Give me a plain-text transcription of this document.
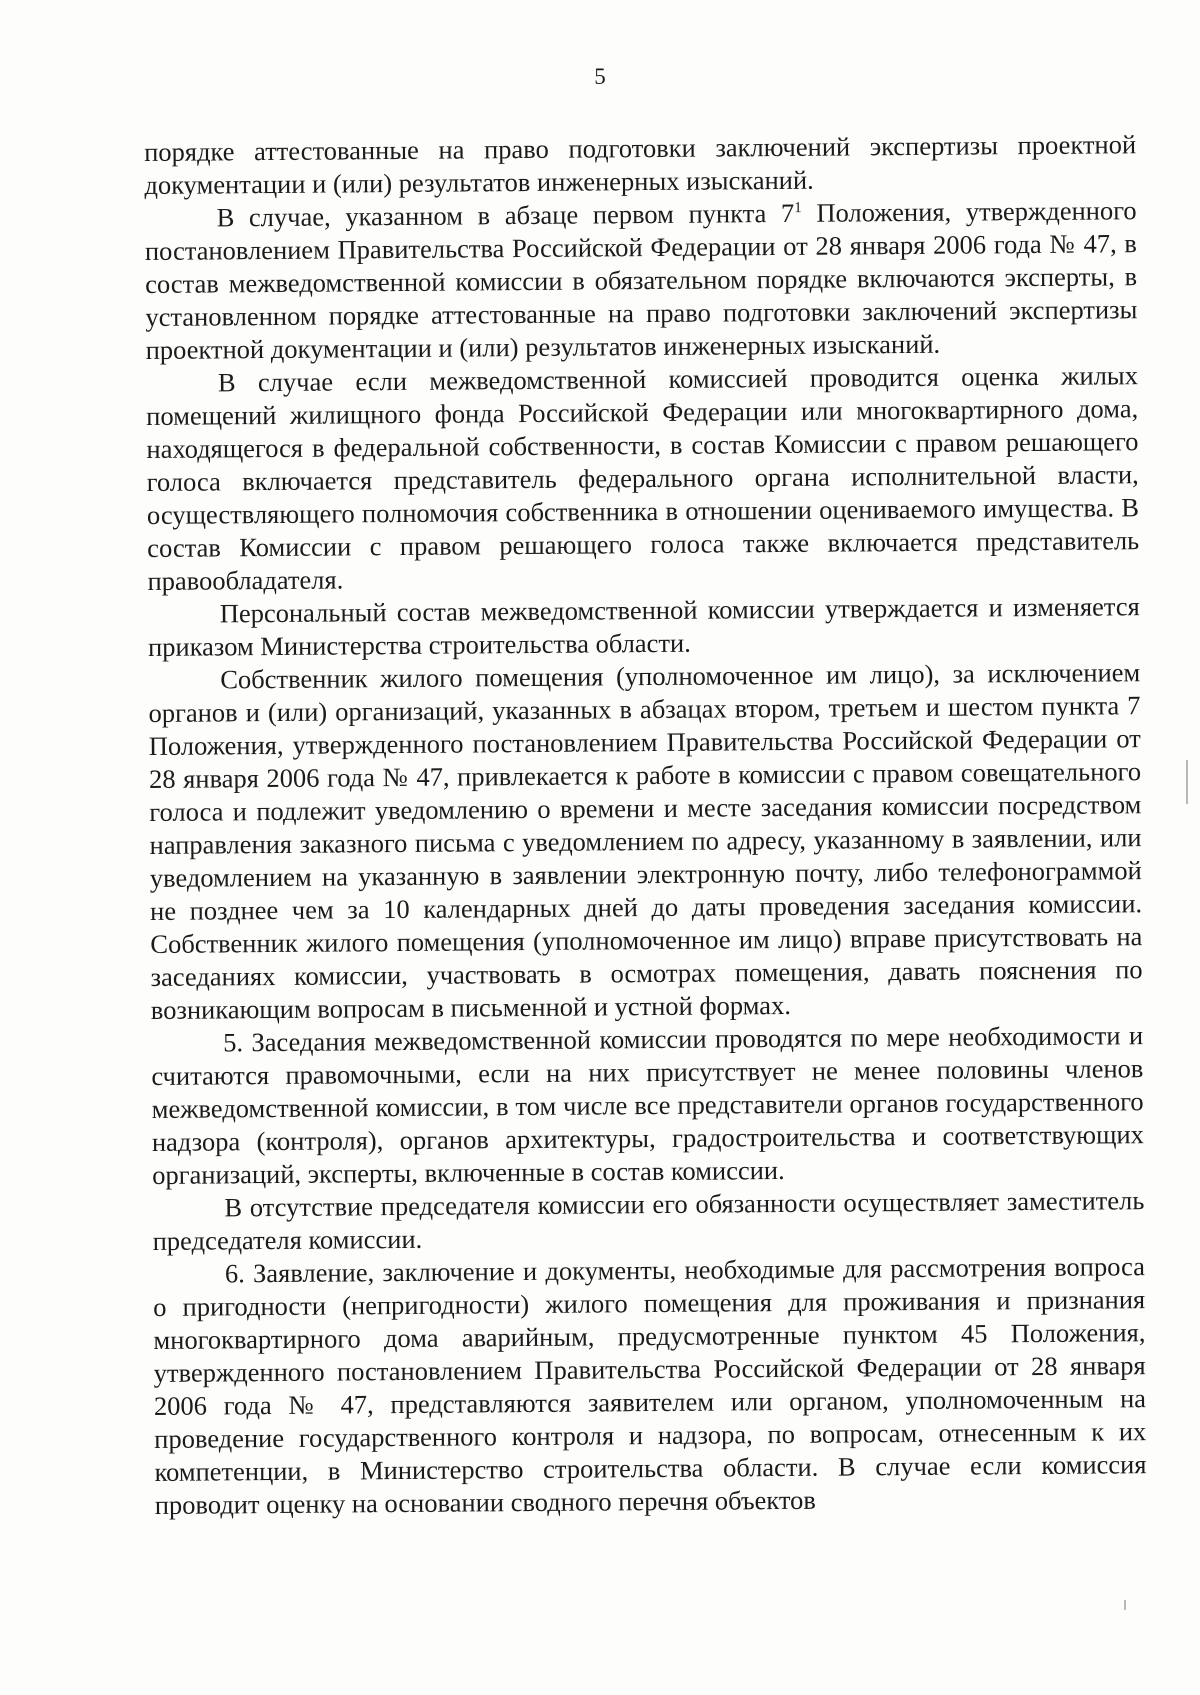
5

порядке аттестованные на право подготовки заключений экспертизы проектной документации и (или) результатов инженерных изысканий.

В случае, указанном в абзаце первом пункта $7^1$ Положения, утвержденного постановлением Правительства Российской Федерации от 28 января 2006 года № 47, в состав межведомственной комиссии в обязательном порядке включаются эксперты, в установленном порядке аттестованные на право подготовки заключений экспертизы проектной документации и (или) результатов инженерных изысканий.

В случае если межведомственной комиссией проводится оценка жилых помещений жилищного фонда Российской Федерации или многоквартирного дома, находящегося в федеральной собственности, в состав Комиссии с правом решающего голоса включается представитель федерального органа исполнительной власти, осуществляющего полномочия собственника в отношении оцениваемого имущества. В состав Комиссии с правом решающего голоса также включается представитель правообладателя.

Персональный состав межведомственной комиссии утверждается и изменяется приказом Министерства строительства области.

Собственник жилого помещения (уполномоченное им лицо), за исключением органов и (или) организаций, указанных в абзацах втором, третьем и шестом пункта 7 Положения, утвержденного постановлением Правительства Российской Федерации от 28 января 2006 года № 47, привлекается к работе в комиссии с правом совещательного голоса и подлежит уведомлению о времени и месте заседания комиссии посредством направления заказного письма с уведомлением по адресу, указанному в заявлении, или уведомлением на указанную в заявлении электронную почту, либо телефонограммой не позднее чем за 10 календарных дней до даты проведения заседания комиссии. Собственник жилого помещения (уполномоченное им лицо) вправе присутствовать на заседаниях комиссии, участвовать в осмотрах помещения, давать пояснения по возникающим вопросам в письменной и устной формах.

5. Заседания межведомственной комиссии проводятся по мере необходимости и считаются правомочными, если на них присутствует не менее половины членов межведомственной комиссии, в том числе все представители органов государственного надзора (контроля), органов архитектуры, градостроительства и соответствующих организаций, эксперты, включенные в состав комиссии.

В отсутствие председателя комиссии его обязанности осуществляет заместитель председателя комиссии.

6. Заявление, заключение и документы, необходимые для рассмотрения вопроса о пригодности (непригодности) жилого помещения для проживания и признания многоквартирного дома аварийным, предусмотренные пунктом 45 Положения, утвержденного постановлением Правительства Российской Федерации от 28 января 2006 года № 47, представляются заявителем или органом, уполномоченным на проведение государственного контроля и надзора, по вопросам, отнесенным к их компетенции, в Министерство строительства области. В случае если комиссия проводит оценку на основании сводного перечня объектов
